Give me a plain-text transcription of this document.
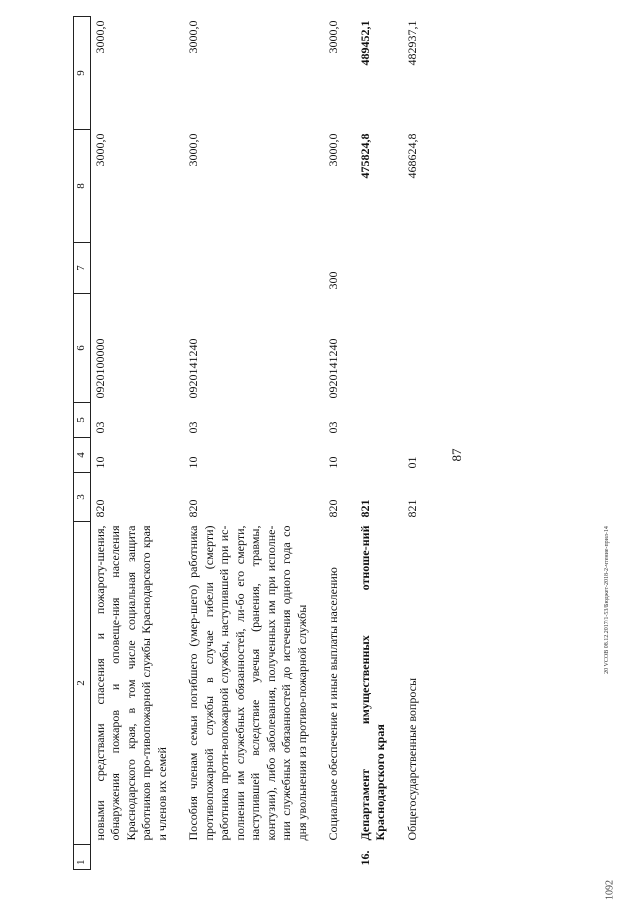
87
1	2	3	4	5	6	7	8	9
	новыми средствами спасения и пожароту-шения, обнаружения пожаров и оповеще-ния населения Краснодарского края, в том числе социальная защита работников про-тивопожарной службы Краснодарского края и членов их семей	820	10	03	0920100000		3000,0	3000,0
	Пособия членам семьи погибшего (умер-шего) работника противопожарной службы в случае гибели (смерти) работника проти-вопожарной службы, наступившей при ис-полнении им служебных обязанностей, ли-бо его смерти, наступившей вследствие увечья (ранения, травмы, контузии), либо заболевания, полученных им при исполне-нии служебных обязанностей до истечения одного года со дня увольнения из противо-пожарной службы	820	10	03	0920141240		3000,0	3000,0
	Социальное обеспечение и иные выплаты населению	820	10	03	0920141240	300	3000,0	3000,0
16.	Департамент имущественных отноше-ний Краснодарского края	821					475824,8	489452,1
	Общегосударственные вопросы	821	01				468624,8	482937,1
20 VCOB 08.12.2017/1-53/Бюджет-2018-2-чтение-прил-14
1092
